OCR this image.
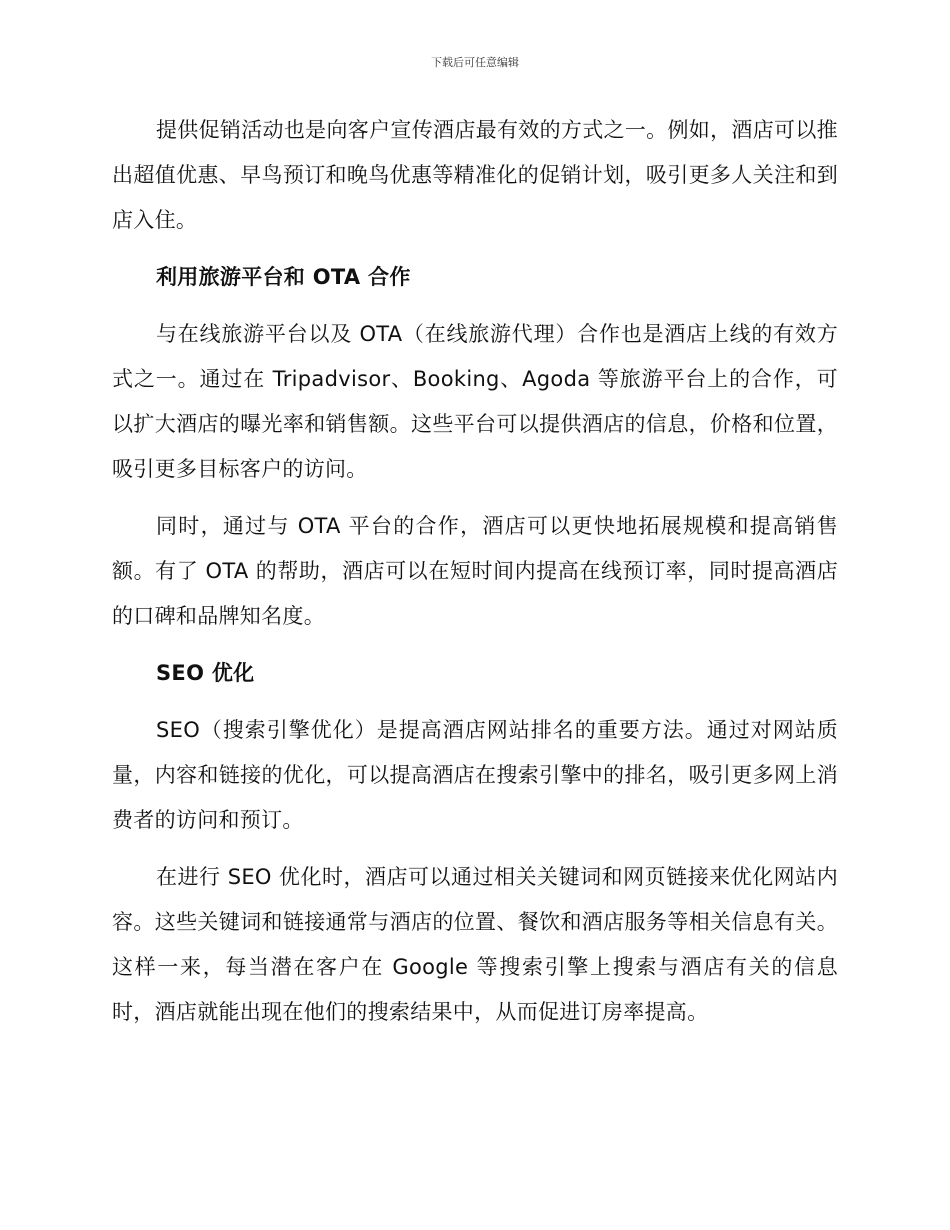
下载后可任意编辑

提供促销活动也是向客户宣传酒店最有效的方式之一。例如，酒店可以推出超值优惠、早鸟预订和晚鸟优惠等精准化的促销计划，吸引更多人关注和到店入住。

利用旅游平台和 OTA 合作

与在线旅游平台以及 OTA（在线旅游代理）合作也是酒店上线的有效方式之一。通过在 Tripadvisor、Booking、Agoda 等旅游平台上的合作，可以扩大酒店的曝光率和销售额。这些平台可以提供酒店的信息，价格和位置，吸引更多目标客户的访问。

同时，通过与 OTA 平台的合作，酒店可以更快地拓展规模和提高销售额。有了 OTA 的帮助，酒店可以在短时间内提高在线预订率，同时提高酒店的口碑和品牌知名度。

SEO 优化

SEO（搜索引擎优化）是提高酒店网站排名的重要方法。通过对网站质量，内容和链接的优化，可以提高酒店在搜索引擎中的排名，吸引更多网上消费者的访问和预订。

在进行 SEO 优化时，酒店可以通过相关关键词和网页链接来优化网站内容。这些关键词和链接通常与酒店的位置、餐饮和酒店服务等相关信息有关。这样一来，每当潜在客户在 Google 等搜索引擎上搜索与酒店有关的信息时，酒店就能出现在他们的搜索结果中，从而促进订房率提高。
